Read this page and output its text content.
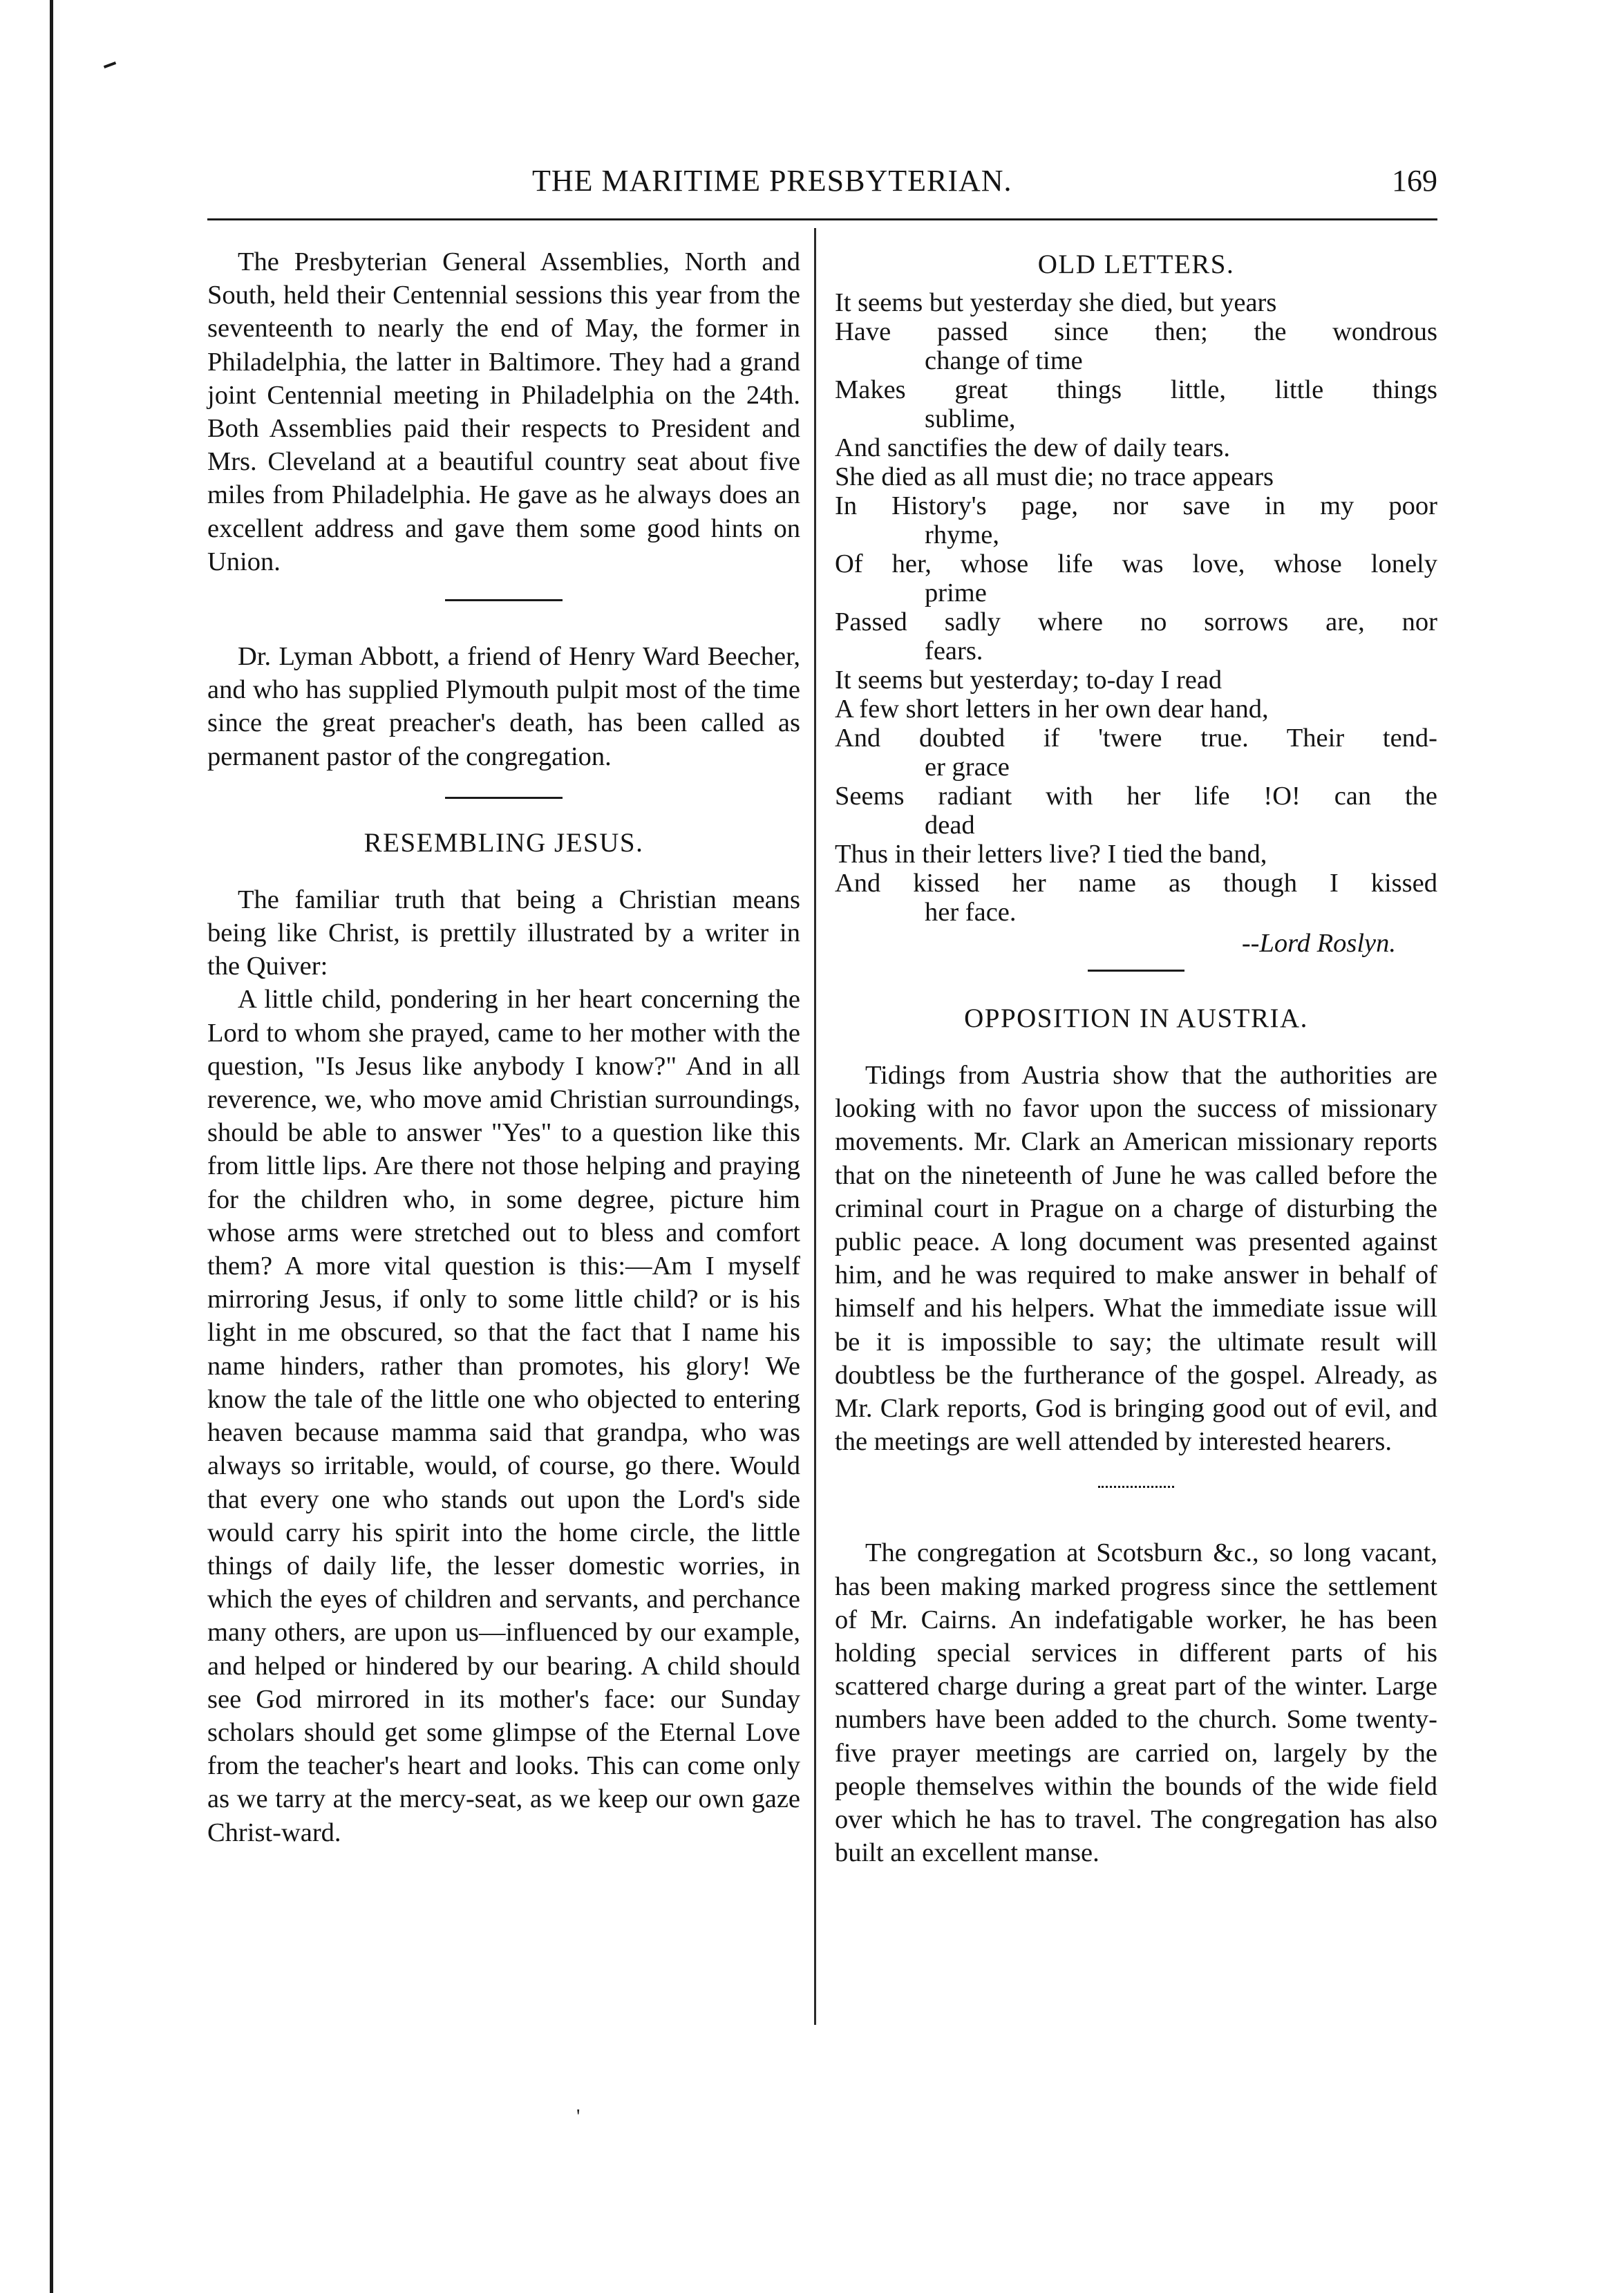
THE MARITIME PRESBYTERIAN.	169

The Presbyterian General Assemblies, North and South, held their Centennial sessions this year from the seventeenth to nearly the end of May, the former in Philadelphia, the latter in Baltimore. They had a grand joint Centennial meeting in Philadelphia on the 24th. Both Assemblies paid their respects to President and Mrs. Cleveland at a beautiful country seat about five miles from Philadelphia. He gave as he always does an excellent address and gave them some good hints on Union.

Dr. Lyman Abbott, a friend of Henry Ward Beecher, and who has supplied Plymouth pulpit most of the time since the great preacher's death, has been called as permanent pastor of the congregation.

RESEMBLING JESUS.

The familiar truth that being a Christian means being like Christ, is prettily illustrated by a writer in the Quiver:

A little child, pondering in her heart concerning the Lord to whom she prayed, came to her mother with the question, "Is Jesus like anybody I know?" And in all reverence, we, who move amid Christian surroundings, should be able to answer "Yes" to a question like this from little lips. Are there not those helping and praying for the children who, in some degree, picture him whose arms were stretched out to bless and comfort them? A more vital question is this:—Am I myself mirroring Jesus, if only to some little child? or is his light in me obscured, so that the fact that I name his name hinders, rather than promotes, his glory! We know the tale of the little one who objected to entering heaven because mamma said that grandpa, who was always so irritable, would, of course, go there. Would that every one who stands out upon the Lord's side would carry his spirit into the home circle, the little things of daily life, the lesser domestic worries, in which the eyes of children and servants, and perchance many others, are upon us—influenced by our example, and helped or hindered by our bearing. A child should see God mirrored in its mother's face: our Sunday scholars should get some glimpse of the Eternal Love from the teacher's heart and looks. This can come only as we tarry at the mercy-seat, as we keep our own gaze Christ-ward.

OLD LETTERS.
It seems but yesterday she died, but years
Have passed since then; the wondrous
change of time
Makes great things little, little things
sublime,
And sanctifies the dew of daily tears.
She died as all must die; no trace appears
In History's page, nor save in my poor
rhyme,
Of her, whose life was love, whose lonely
prime
Passed sadly where no sorrows are, nor
fears.
It seems but yesterday; to-day I read
A few short letters in her own dear hand,
And doubted if 'twere true. Their tend-
er grace
Seems radiant with her life !O! can the
dead
Thus in their letters live? I tied the band,
And kissed her name as though I kissed
her face.
--Lord Roslyn.
OPPOSITION IN AUSTRIA.

Tidings from Austria show that the authorities are looking with no favor upon the success of missionary movements. Mr. Clark an American missionary reports that on the nineteenth of June he was called before the criminal court in Prague on a charge of disturbing the public peace. A long document was presented against him, and he was required to make answer in behalf of himself and his helpers. What the immediate issue will be it is impossible to say; the ultimate result will doubtless be the furtherance of the gospel. Already, as Mr. Clark reports, God is bringing good out of evil, and the meetings are well attended by interested hearers.

The congregation at Scotsburn &c., so long vacant, has been making marked progress since the settlement of Mr. Cairns. An indefatigable worker, he has been holding special services in different parts of his scattered charge during a great part of the winter. Large numbers have been added to the church. Some twenty-five prayer meetings are carried on, largely by the people themselves within the bounds of the wide field over which he has to travel. The congregation has also built an excellent manse.

'
